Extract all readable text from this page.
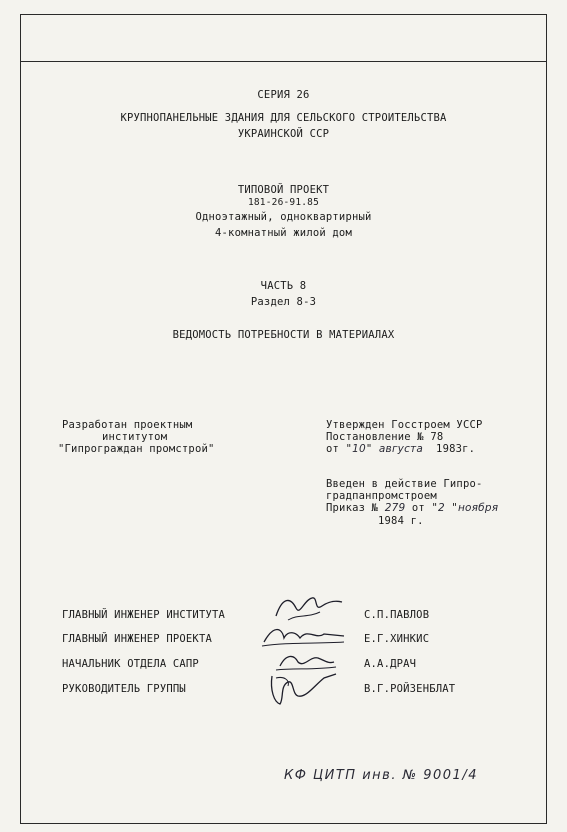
СЕРИЯ 26
КРУПНОПАНЕЛЬНЫЕ ЗДАНИЯ ДЛЯ СЕЛЬСКОГО СТРОИТЕЛЬСТВА
УКРАИНСКОЙ ССР
ТИПОВОЙ ПРОЕКТ
181-26-91.85
Одноэтажный, одноквартирный
4-комнатный жилой дом
ЧАСТЬ 8
Раздел 8-3
ВЕДОМОСТЬ ПОТРЕБНОСТИ В МАТЕРИАЛАХ
Разработан проектным
институтом
"Гипрограждан промстрой"
Утвержден Госстроем УССР
Постановление № 78
от "10" августа 1983г.
Введен в действие Гипро-
градпанпромстроем
Приказ № 279 от "2 "ноября
1984 г.
ГЛАВНЫЙ ИНЖЕНЕР ИНСТИТУТА	С.П.ПАВЛОВ
ГЛАВНЫЙ ИНЖЕНЕР ПРОЕКТА	Е.Г.ХИНКИС
НАЧАЛЬНИК ОТДЕЛА САПР	А.А.ДРАЧ
РУКОВОДИТЕЛЬ ГРУППЫ	В.Г.РОЙЗЕНБЛАТ
КФ ЦИТП инв. № 9001/4
